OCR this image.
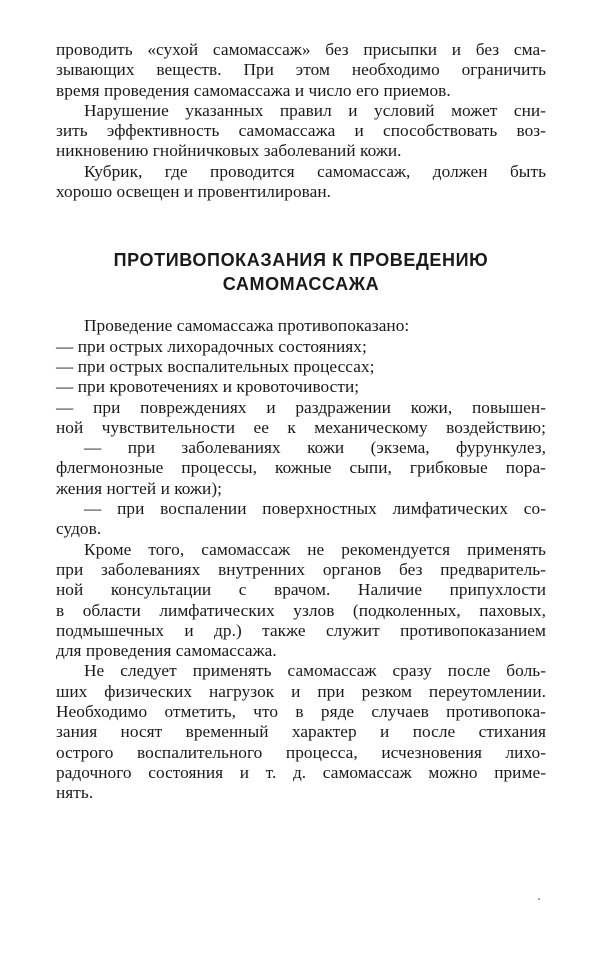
проводить «сухой самомассаж» без присыпки и без сма-
зывающих веществ. При этом необходимо ограничить
время проведения самомассажа и число его приемов.
Нарушение указанных правил и условий может сни-
зить эффективность самомассажа и способствовать воз-
никновению гнойничковых заболеваний кожи.
Кубрик, где проводится самомассаж, должен быть
хорошо освещен и провентилирован.
ПРОТИВОПОКАЗАНИЯ К ПРОВЕДЕНИЮ
САМОМАССАЖА
Проведение самомассажа противопоказано:
— при острых лихорадочных состояниях;
— при острых воспалительных процессах;
— при кровотечениях и кровоточивости;
— при повреждениях и раздражении кожи, повышен-
ной чувствительности ее к механическому воздействию;
— при заболеваниях кожи (экзема, фурункулез,
флегмонозные процессы, кожные сыпи, грибковые пора-
жения ногтей и кожи);
— при воспалении поверхностных лимфатических со-
судов.
Кроме того, самомассаж не рекомендуется применять
при заболеваниях внутренних органов без предваритель-
ной консультации с врачом. Наличие припухлости
в области лимфатических узлов (подколенных, паховых,
подмышечных и др.) также служит противопоказанием
для проведения самомассажа.
Не следует применять самомассаж сразу после боль-
ших физических нагрузок и при резком переутомлении.
Необходимо отметить, что в ряде случаев противопока-
зания носят временный характер и после стихания
острого воспалительного процесса, исчезновения лихо-
радочного состояния и т. д. самомассаж можно приме-
нять.
